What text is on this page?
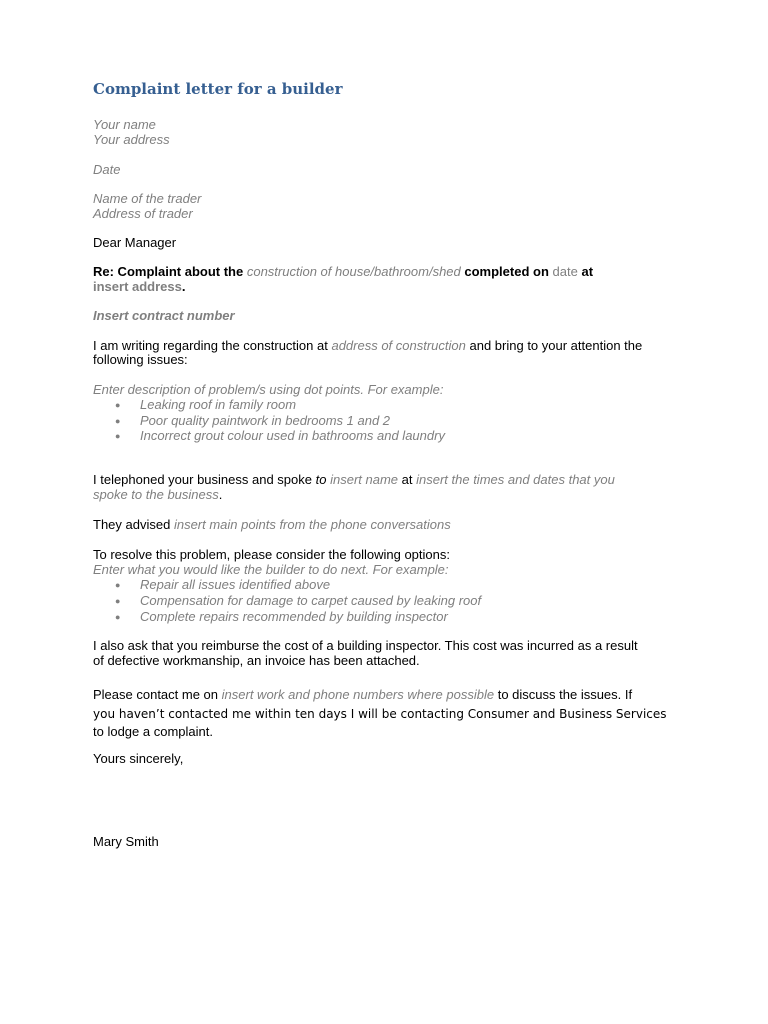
Complaint letter for a builder
Your name
Your address
Date
Name of the trader
Address of trader
Dear Manager
Re: Complaint about the construction of house/bathroom/shed completed on date at
insert address.
Insert contract number
I am writing regarding the construction at address of construction and bring to your attention the
following issues:
Enter description of problem/s using dot points. For example:
● Leaking roof in family room
● Poor quality paintwork in bedrooms 1 and 2
● Incorrect grout colour used in bathrooms and laundry
I telephoned your business and spoke to insert name at insert the times and dates that you
spoke to the business.
They advised insert main points from the phone conversations
To resolve this problem, please consider the following options:
Enter what you would like the builder to do next. For example:
● Repair all issues identified above
● Compensation for damage to carpet caused by leaking roof
● Complete repairs recommended by building inspector
I also ask that you reimburse the cost of a building inspector. This cost was incurred as a result
of defective workmanship, an invoice has been attached.
Please contact me on insert work and phone numbers where possible to discuss the issues. If
you haven’t contacted me within ten days I will be contacting Consumer and Business Services
to lodge a complaint.
Yours sincerely,
Mary Smith
